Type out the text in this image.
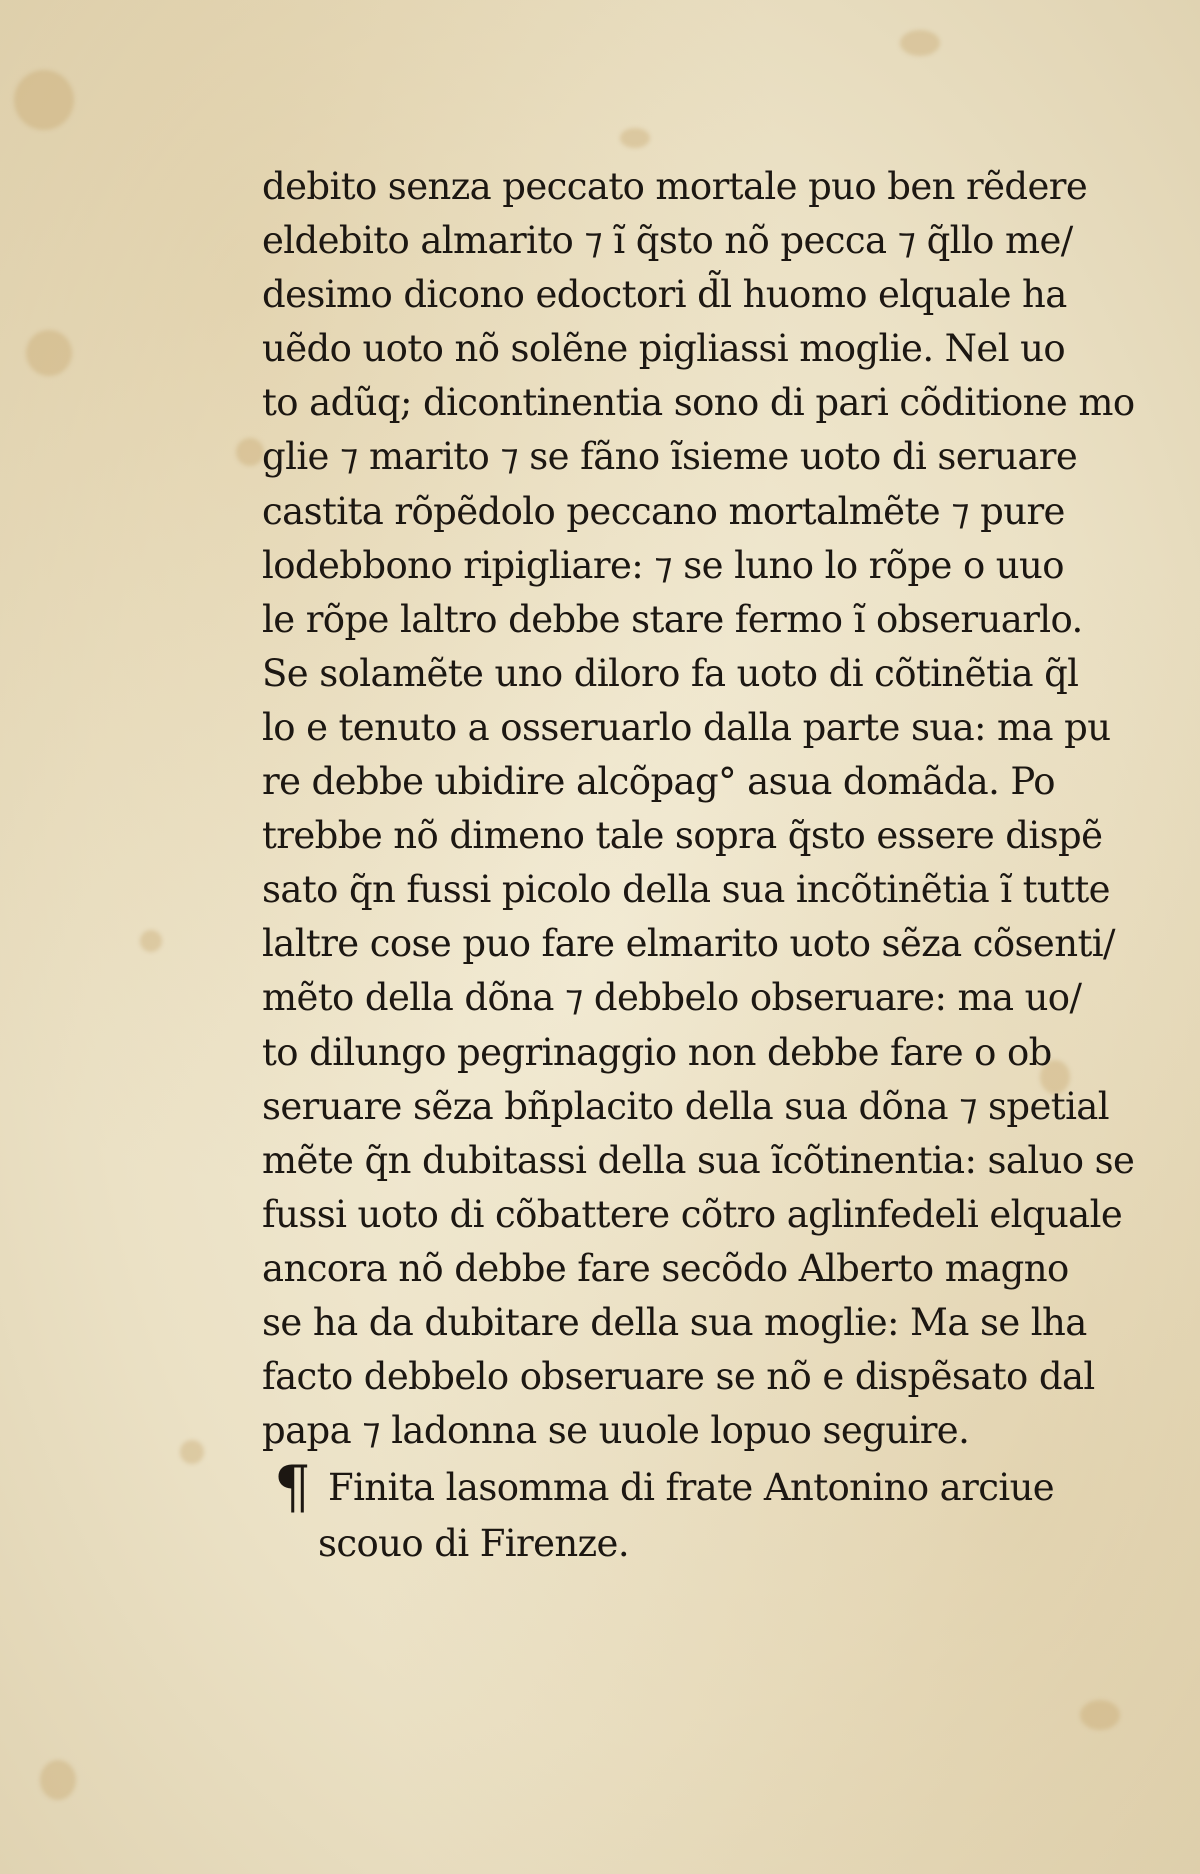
debito senza peccato mortale puo ben rẽdere
eldebito almarito ⁊ ĩ q̃sto nõ pecca ⁊ q̃llo me/
desimo dicono edoctori d̃l huomo elquale ha
uẽdo uoto nõ solẽne pigliassi moglie. Nel uo
to adũq; dicontinentia sono di pari cõditione mo
glie ⁊ marito ⁊ se fãno ĩsieme uoto di seruare
castita rõpẽdolo peccano mortalmẽte ⁊ pure
lodebbono ripigliare: ⁊ se luno lo rõpe o uuo
le rõpe laltro debbe stare fermo ĩ obseruarlo.
Se solamẽte uno diloro fa uoto di cõtinẽtia q̃l
lo e tenuto a osseruarlo dalla parte sua: ma pu
re debbe ubidire alcõpag° asua domãda. Po
trebbe nõ dimeno tale sopra q̃sto essere dispẽ
sato q̃n fussi picolo della sua incõtinẽtia ĩ tutte
laltre cose puo fare elmarito uoto sẽza cõsenti/
mẽto della dõna ⁊ debbelo obseruare: ma uo/
to dilungo pegrinaggio non debbe fare o ob
seruare sẽza bñplacito della sua dõna ⁊ spetial
mẽte q̃n dubitassi della sua ĩcõtinentia: saluo se
fussi uoto di cõbattere cõtro aglinfedeli elquale
ancora nõ debbe fare secõdo Alberto magno
se ha da dubitare della sua moglie: Ma se lha
facto debbelo obseruare se nõ e dispẽsato dal
papa ⁊ ladonna se uuole lopuo seguire.
¶ Finita lasomma di frate Antonino arciue
scouo di Firenze.
